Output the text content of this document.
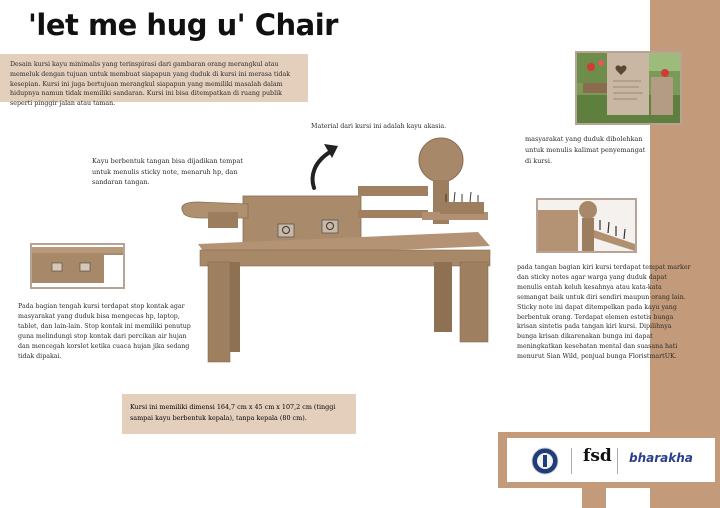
'let me hug u' Chair
Desain kursi kayu minimalis yang terinspirasi dari gambaran orang merangkul atau memeluk dengan tujuan untuk membuat siapapun yang duduk di kursi ini merasa tidak kesepian. Kursi ini juga bertujuan merangkul siapapun yang memiliki masalah dalam hidupnya namun tidak memiliki sandaran. Kursi ini bisa ditempatkan di ruang publik seperti pinggir jalan atau taman.
masyarakat yang duduk dibolehkan untuk menulis kalimat penyemangat di kursi.
Material dari kursi ini adalah kayu akasia.
Kayu berbentuk tangan bisa dijadikan tempat untuk menulis sticky note, menaruh hp, dan sandaran tangan.
Pada bagian tengah kursi terdapat stop kontak agar masyarakat yang duduk bisa mengecas hp, laptop, tablet, dan lain-lain. Stop kontak ini memiliki penutup guna melindungi stop kontak dari percikan air hujan dan mencegah korslet ketika cuaca hujan jika sedang tidak dipakai.
pada tangan bagian kiri kursi terdapat tempat marker dan sticky notes agar warga yang duduk dapat menulis entah keluh kesahnya atau kata-kata semangat baik untuk diri sendiri maupun orang lain. Sticky note ini dapat ditempelkan pada kayu yang berbentuk orang. Terdapat elemen estetis bunga krisan sintetis pada tangan kiri kursi. Dipilihnya bunga krisan dikarenakan bunga ini dapat meningkatkan kesehatan mental dan suasana hati menurut Sian Wild, penjual bunga FloristmartUK.
Kursi ini memiliki dimensi 164,7 cm x 45 cm x 107,2 cm (tinggi sampai kayu berbentuk kepala), tanpa kepala (80 cm).
fsd bharakha
